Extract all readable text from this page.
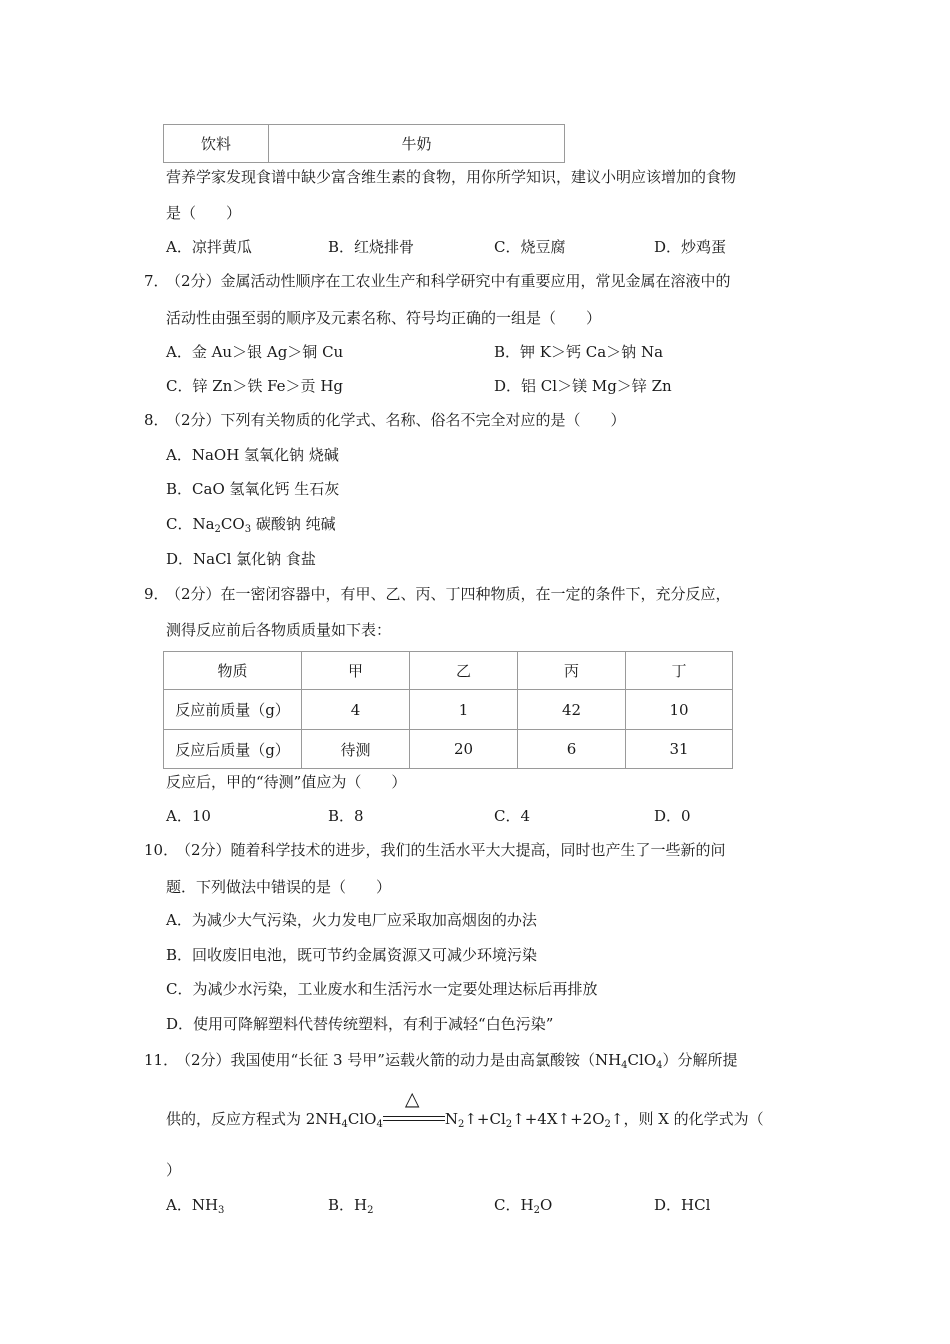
饮料	牛奶
营养学家发现食谱中缺少富含维生素的食物，用你所学知识，建议小明应该增加的食物
是（　　）
A．凉拌黄瓜	B．红烧排骨	C．烧豆腐	D．炒鸡蛋
7．
（2分）金属活动性顺序在工农业生产和科学研究中有重要应用，常见金属在溶液中的
活动性由强至弱的顺序及元素名称、符号均正确的一组是（　　）
A．金 Au＞银 Ag＞铜 Cu	B．钾 K＞钙 Ca＞钠 Na
C．锌 Zn＞铁 Fe＞贡 Hg	D．铝 Cl＞镁 Mg＞锌 Zn
8．
（2分）下列有关物质的化学式、名称、俗名不完全对应的是（　　）
A．NaOH 氢氧化钠 烧碱
B．CaO 氢氧化钙 生石灰
C．$Na_2CO_3$ 碳酸钠 纯碱
D．NaCl 氯化钠 食盐
9．
（2分）在一密闭容器中，有甲、乙、丙、丁四种物质，在一定的条件下，充分反应，
测得反应前后各物质质量如下表：
物质	甲	乙	丙	丁
反应前质量（g）	4	1	42	10
反应后质量（g）	待测	20	6	31
反应后，甲的“待测”值应为（　　）
A．10	B．8	C．4	D．0
10．
（2分）随着科学技术的进步，我们的生活水平大大提高，同时也产生了一些新的问
题．下列做法中错误的是（　　）
A．为减少大气污染，火力发电厂应采取加高烟囱的办法
B．回收废旧电池，既可节约金属资源又可减少环境污染
C．为减少水污染，工业废水和生活污水一定要处理达标后再排放
D．使用可降解塑料代替传统塑料，有利于减轻“白色污染”
11．
（2分）我国使用“长征 3 号甲”运载火箭的动力是由高氯酸铵$(NH_4ClO_4)$分解所提
供的，反应方程式为 $2NH_4ClO_4$
△
$N_2↑+Cl_2↑+4X↑+2O_2↑$，则 X 的化学式为（
）
A．$NH_3$	B．$H_2$	C．$H_2O$	D．HCl
